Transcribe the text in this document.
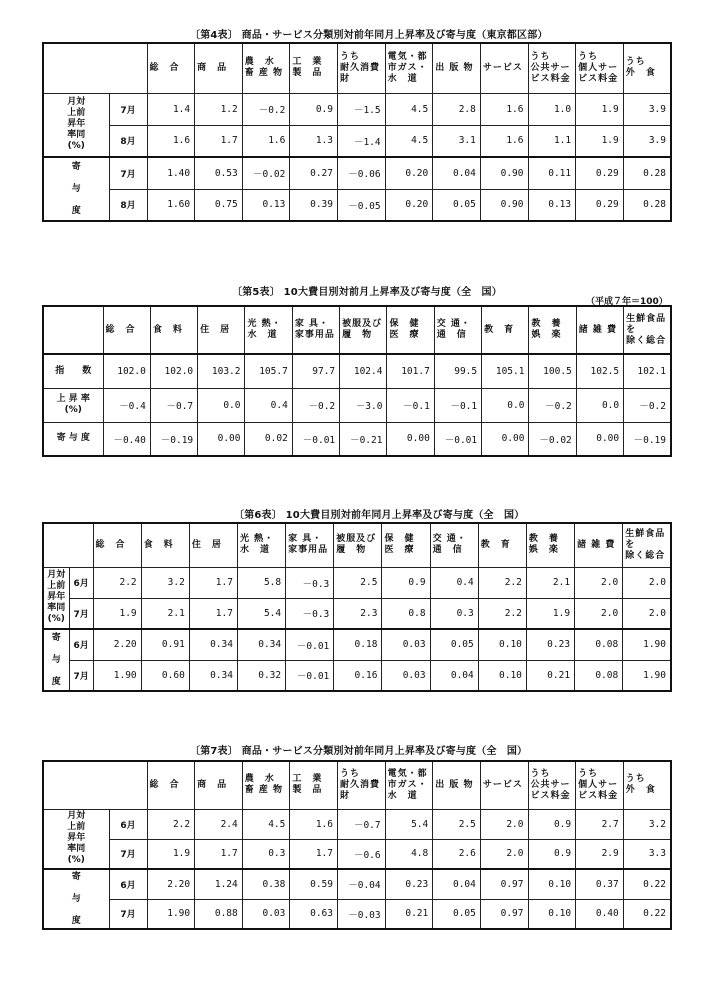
〔第4表〕 商品・サービス分類別対前年同月上昇率及び寄与度（東京都区部）
		総　合	商　品	農　水
畜 産 物	工　業
製　品	うち
耐久消費財	電気・都
市ガス・
水　道	出 版 物	サービス	うち
公共サー
ビス料金	うち
個人サー
ビス料金	うち
外　食
月対
上前
昇年
率同
(%)	7月	1.4	1.2	－0.2	0.9	－1.5	4.5	2.8	1.6	1.0	1.9	3.9
	8月	1.6	1.7	1.6	1.3	－1.4	4.5	3.1	1.6	1.1	1.9	3.9
寄

与

度	7月	1.40	0.53	－0.02	0.27	－0.06	0.20	0.04	0.90	0.11	0.29	0.28
	8月	1.60	0.75	0.13	0.39	－0.05	0.20	0.05	0.90	0.13	0.29	0.28
〔第5表〕 10大費目別対前月上昇率及び寄与度（全　国）
（平成７年＝100）
	総　合	食　料	住　居	光 熱・
水　道	家 具・
家事用品	被服及び
履　物	保　健
医　療	交 通・
通　信	教　育	教　養
娯　楽	諸 雑 費	生鮮食品
を
除く総合
指　　数	102.0	102.0	103.2	105.7	97.7	102.4	101.7	99.5	105.1	100.5	102.5	102.1
上 昇 率
(%)	－0.4	－0.7	0.0	0.4	－0.2	－3.0	－0.1	－0.1	0.0	－0.2	0.0	－0.2
寄 与 度	－0.40	－0.19	0.00	0.02	－0.01	－0.21	0.00	－0.01	0.00	－0.02	0.00	－0.19
〔第6表〕 10大費目別対前年同月上昇率及び寄与度（全　国）
		総　合	食　料	住　居	光 熱・
水　道	家 具・
家事用品	被服及び
履　物	保　健
医　療	交 通・
通　信	教　育	教　養
娯　楽	諸 雑 費	生鮮食品
を
除く総合
月対
上前
昇年
率同
(%)	6月	2.2	3.2	1.7	5.8	－0.3	2.5	0.9	0.4	2.2	2.1	2.0	2.0
	7月	1.9	2.1	1.7	5.4	－0.3	2.3	0.8	0.3	2.2	1.9	2.0	2.0
寄

与

度	6月	2.20	0.91	0.34	0.34	－0.01	0.18	0.03	0.05	0.10	0.23	0.08	1.90
	7月	1.90	0.60	0.34	0.32	－0.01	0.16	0.03	0.04	0.10	0.21	0.08	1.90
〔第7表〕 商品・サービス分類別対前年同月上昇率及び寄与度（全　国）
		総　合	商　品	農　水
畜 産 物	工　業
製　品	うち
耐久消費財	電気・都
市ガス・
水　道	出 版 物	サービス	うち
公共サー
ビス料金	うち
個人サー
ビス料金	うち
外　食
月対
上前
昇年
率同
(%)	6月	2.2	2.4	4.5	1.6	－0.7	5.4	2.5	2.0	0.9	2.7	3.2
	7月	1.9	1.7	0.3	1.7	－0.6	4.8	2.6	2.0	0.9	2.9	3.3
寄

与

度	6月	2.20	1.24	0.38	0.59	－0.04	0.23	0.04	0.97	0.10	0.37	0.22
	7月	1.90	0.88	0.03	0.63	－0.03	0.21	0.05	0.97	0.10	0.40	0.22
